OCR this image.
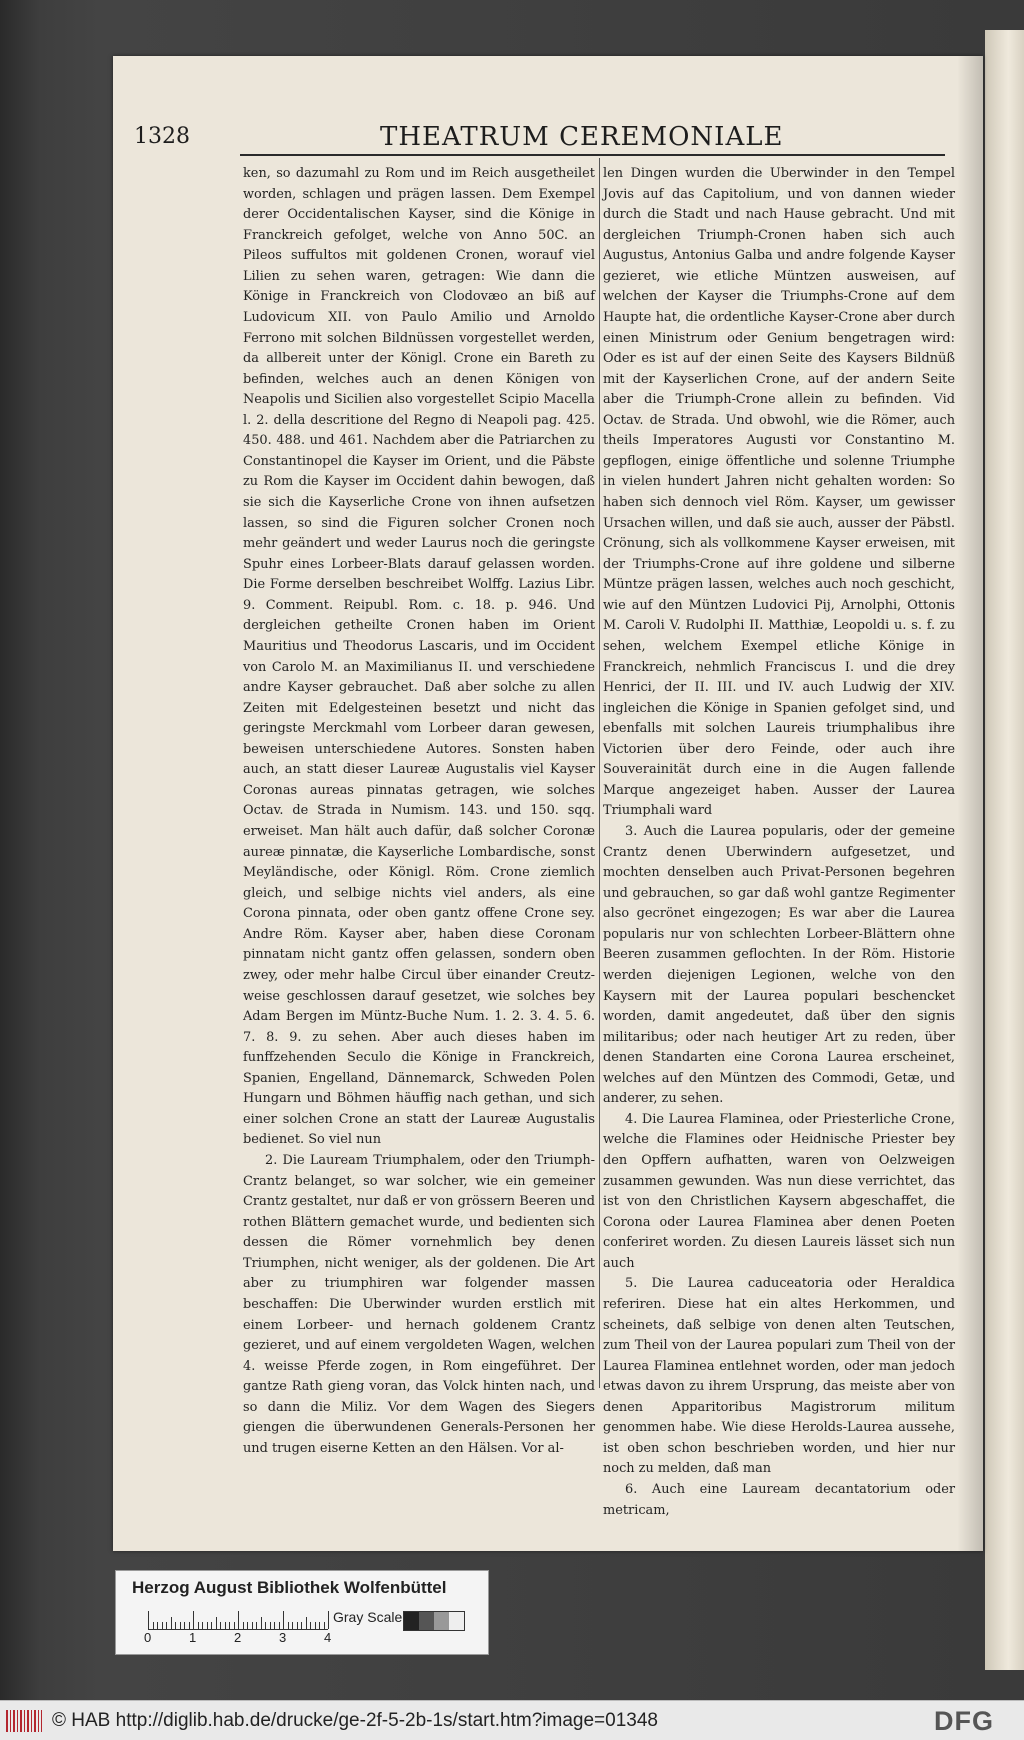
1328	THEATRUM CEREMONIALE

ken, so dazumahl zu Rom und im Reich ausgetheilet worden, schlagen und prägen lassen. Dem Exempel derer Occidentalischen Kayser, sind die Könige in Franckreich gefolget, welche von Anno 50C. an Pileos suffultos mit goldenen Cronen, worauf viel Lilien zu sehen waren, getragen: Wie dann die Könige in Franckreich von Clodovæo an biß auf Ludovicum XII. von Paulo Amilio und Arnoldo Ferrono mit solchen Bildnüssen vorgestellet werden, da allbereit unter der Königl. Crone ein Bareth zu befinden, welches auch an denen Königen von Neapolis und Sicilien also vorgestellet Scipio Macella l. 2. della descritione del Regno di Neapoli pag. 425. 450. 488. und 461. Nachdem aber die Patriarchen zu Constantinopel die Kayser im Orient, und die Päbste zu Rom die Kayser im Occident dahin bewogen, daß sie sich die Kayserliche Crone von ihnen aufsetzen lassen, so sind die Figuren solcher Cronen noch mehr geändert und weder Laurus noch die geringste Spuhr eines Lorbeer-Blats darauf gelassen worden. Die Forme derselben beschreibet Wolffg. Lazius Libr. 9. Comment. Reipubl. Rom. c. 18. p. 946. Und dergleichen getheilte Cronen haben im Orient Mauritius und Theodorus Lascaris, und im Occident von Carolo M. an Maximilianus II. und verschiedene andre Kayser gebrauchet. Daß aber solche zu allen Zeiten mit Edelgesteinen besetzt und nicht das geringste Merckmahl vom Lorbeer daran gewesen, beweisen unterschiedene Autores. Sonsten haben auch, an statt dieser Laureæ Augustalis viel Kayser Coronas aureas pinnatas getragen, wie solches Octav. de Strada in Numism. 143. und 150. sqq. erweiset. Man hält auch dafür, daß solcher Coronæ aureæ pinnatæ, die Kayserliche Lombardische, sonst Meyländische, oder Königl. Röm. Crone ziemlich gleich, und selbige nichts viel anders, als eine Corona pinnata, oder oben gantz offene Crone sey. Andre Röm. Kayser aber, haben diese Coronam pinnatam nicht gantz offen gelassen, sondern oben zwey, oder mehr halbe Circul über einander Creutz-weise geschlossen darauf gesetzet, wie solches bey Adam Bergen im Müntz-Buche Num. 1. 2. 3. 4. 5. 6. 7. 8. 9. zu sehen. Aber auch dieses haben im funffzehenden Seculo die Könige in Franckreich, Spanien, Engelland, Dännemarck, Schweden Polen Hungarn und Böhmen häuffig nach gethan, und sich einer solchen Crone an statt der Laureæ Augustalis bedienet. So viel nun

2. Die Lauream Triumphalem, oder den Triumph-Crantz belanget, so war solcher, wie ein gemeiner Crantz gestaltet, nur daß er von grössern Beeren und rothen Blättern gemachet wurde, und bedienten sich dessen die Römer vornehmlich bey denen Triumphen, nicht weniger, als der goldenen. Die Art aber zu triumphiren war folgender massen beschaffen: Die Uberwinder wurden erstlich mit einem Lorbeer- und hernach goldenem Crantz gezieret, und auf einem vergoldeten Wagen, welchen 4. weisse Pferde zogen, in Rom eingeführet. Der gantze Rath gieng voran, das Volck hinten nach, und so dann die Miliz. Vor dem Wagen des Siegers giengen die überwundenen Generals-Personen her und trugen eiserne Ketten an den Hälsen. Vor al-

len Dingen wurden die Uberwinder in den Tempel Jovis auf das Capitolium, und von dannen wieder durch die Stadt und nach Hause gebracht. Und mit dergleichen Triumph-Cronen haben sich auch Augustus, Antonius Galba und andre folgende Kayser gezieret, wie etliche Müntzen ausweisen, auf welchen der Kayser die Triumphs-Crone auf dem Haupte hat, die ordentliche Kayser-Crone aber durch einen Ministrum oder Genium bengetragen wird: Oder es ist auf der einen Seite des Kaysers Bildnüß mit der Kayserlichen Crone, auf der andern Seite aber die Triumph-Crone allein zu befinden. Vid Octav. de Strada. Und obwohl, wie die Römer, auch theils Imperatores Augusti vor Constantino M. gepflogen, einige öffentliche und solenne Triumphe in vielen hundert Jahren nicht gehalten worden: So haben sich dennoch viel Röm. Kayser, um gewisser Ursachen willen, und daß sie auch, ausser der Päbstl. Crönung, sich als vollkommene Kayser erweisen, mit der Triumphs-Crone auf ihre goldene und silberne Müntze prägen lassen, welches auch noch geschicht, wie auf den Müntzen Ludovici Pij, Arnolphi, Ottonis M. Caroli V. Rudolphi II. Matthiæ, Leopoldi u. s. f. zu sehen, welchem Exempel etliche Könige in Franckreich, nehmlich Franciscus I. und die drey Henrici, der II. III. und IV. auch Ludwig der XIV. ingleichen die Könige in Spanien gefolget sind, und ebenfalls mit solchen Laureis triumphalibus ihre Victorien über dero Feinde, oder auch ihre Souverainität durch eine in die Augen fallende Marque angezeiget haben. Ausser der Laurea Triumphali ward

3. Auch die Laurea popularis, oder der gemeine Crantz denen Uberwindern aufgesetzet, und mochten denselben auch Privat-Personen begehren und gebrauchen, so gar daß wohl gantze Regimenter also gecrönet eingezogen; Es war aber die Laurea popularis nur von schlechten Lorbeer-Blättern ohne Beeren zusammen geflochten. In der Röm. Historie werden diejenigen Legionen, welche von den Kaysern mit der Laurea populari beschencket worden, damit angedeutet, daß über den signis militaribus; oder nach heutiger Art zu reden, über denen Standarten eine Corona Laurea erscheinet, welches auf den Müntzen des Commodi, Getæ, und anderer, zu sehen.

4. Die Laurea Flaminea, oder Priesterliche Crone, welche die Flamines oder Heidnische Priester bey den Opffern aufhatten, waren von Oelzweigen zusammen gewunden. Was nun diese verrichtet, das ist von den Christlichen Kaysern abgeschaffet, die Corona oder Laurea Flaminea aber denen Poeten conferiret worden. Zu diesen Laureis lässet sich nun auch

5. Die Laurea caduceatoria oder Heraldica referiren. Diese hat ein altes Herkommen, und scheinets, daß selbige von denen alten Teutschen, zum Theil von der Laurea populari zum Theil von der Laurea Flaminea entlehnet worden, oder man jedoch etwas davon zu ihrem Ursprung, das meiste aber von denen Apparitoribus Magistrorum militum genommen habe. Wie diese Herolds-Laurea aussehe, ist oben schon beschrieben worden, und hier nur noch zu melden, daß man

6. Auch eine Lauream decantatorium oder metricam,

Herzog August Bibliothek Wolfenbüttel
0	1	2	3	4
Gray Scale
© HAB http://diglib.hab.de/drucke/ge-2f-5-2b-1s/start.htm?image=01348	DFG
